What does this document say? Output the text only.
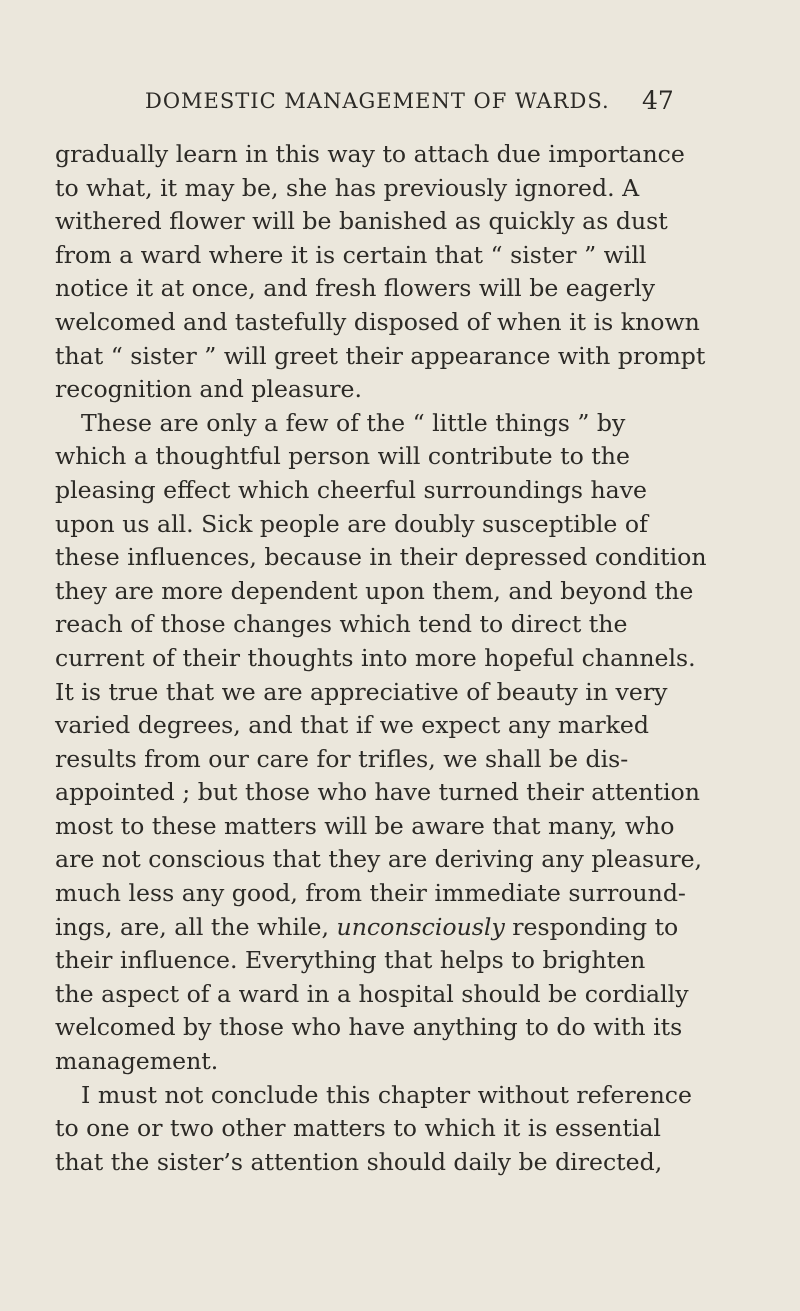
DOMESTIC MANAGEMENT OF WARDS. 47
gradually learn in this way to attach due importance
to what, it may be, she has previously ignored. A
withered flower will be banished as quickly as dust
from a ward where it is certain that “ sister ” will
notice it at once, and fresh flowers will be eagerly
welcomed and tastefully disposed of when it is known
that “ sister ” will greet their appearance with prompt
recognition and pleasure.
These are only a few of the “ little things ” by
which a thoughtful person will contribute to the
pleasing effect which cheerful surroundings have
upon us all. Sick people are doubly susceptible of
these influences, because in their depressed condition
they are more dependent upon them, and beyond the
reach of those changes which tend to direct the
current of their thoughts into more hopeful channels.
It is true that we are appreciative of beauty in very
varied degrees, and that if we expect any marked
results from our care for trifles, we shall be dis-
appointed ; but those who have turned their attention
most to these matters will be aware that many, who
are not conscious that they are deriving any pleasure,
much less any good, from their immediate surround-
ings, are, all the while, unconsciously responding to
their influence. Everything that helps to brighten
the aspect of a ward in a hospital should be cordially
welcomed by those who have anything to do with its
management.
I must not conclude this chapter without reference
to one or two other matters to which it is essential
that the sister’s attention should daily be directed,
